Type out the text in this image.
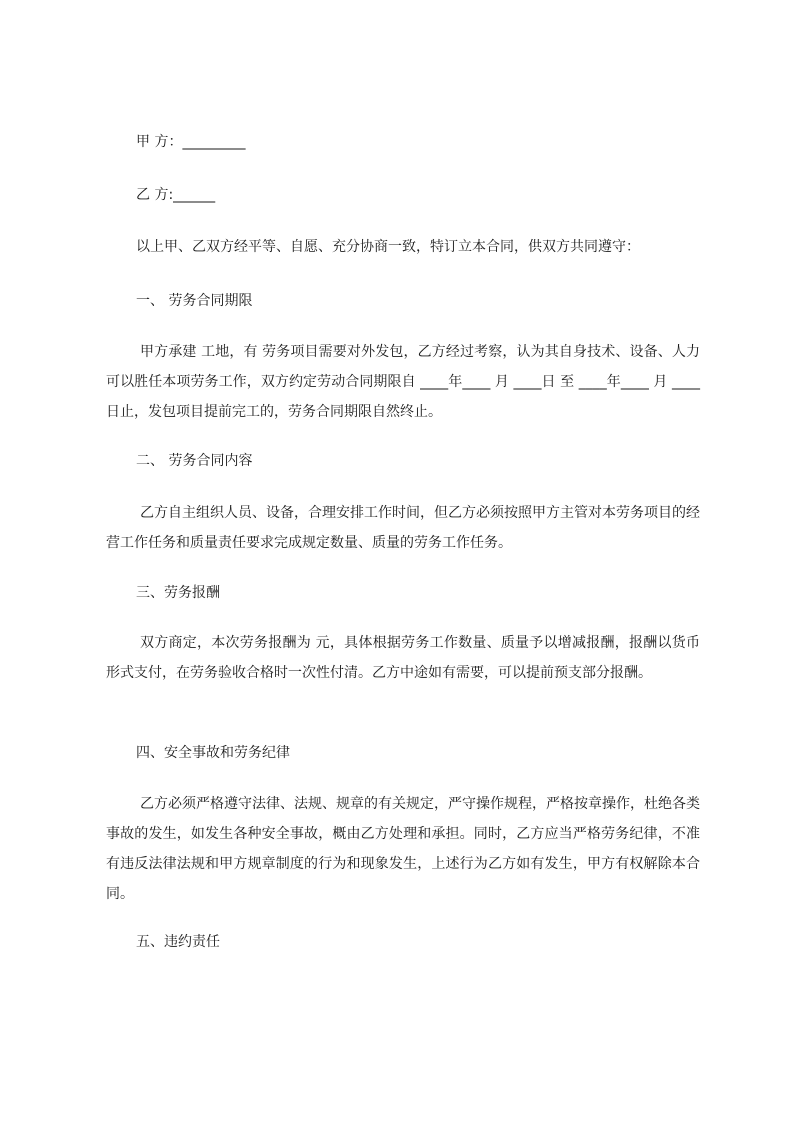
甲 方：_________
乙 方:______
以上甲、乙双方经平等、自愿、充分协商一致，特订立本合同，供双方共同遵守：
一、 劳务合同期限
甲方承建 工地，有 劳务项目需要对外发包，乙方经过考察，认为其自身技术、设备、人力可以胜任本项劳务工作，双方约定劳动合同期限自 ____年____ 月 ____日 至 ____年____ 月 ____日止，发包项目提前完工的，劳务合同期限自然终止。
二、 劳务合同内容
乙方自主组织人员、设备，合理安排工作时间，但乙方必须按照甲方主管对本劳务项目的经营工作任务和质量责任要求完成规定数量、质量的劳务工作任务。
三、劳务报酬
双方商定，本次劳务报酬为 元，具体根据劳务工作数量、质量予以增减报酬，报酬以货币形式支付，在劳务验收合格时一次性付清。乙方中途如有需要，可以提前预支部分报酬。
四、安全事故和劳务纪律
乙方必须严格遵守法律、法规、规章的有关规定，严守操作规程，严格按章操作，杜绝各类事故的发生，如发生各种安全事故，概由乙方处理和承担。同时，乙方应当严格劳务纪律，不准有违反法律法规和甲方规章制度的行为和现象发生，上述行为乙方如有发生，甲方有权解除本合同。
五、违约责任
